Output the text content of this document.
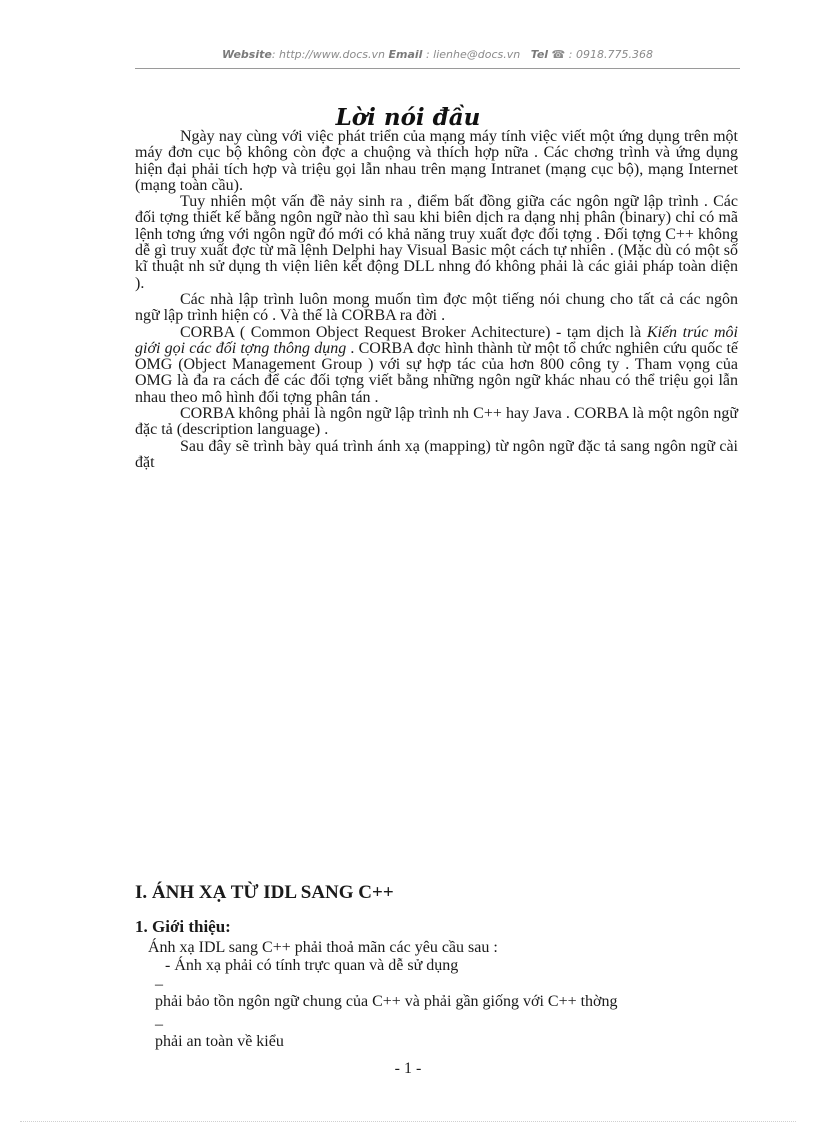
Website: http://www.docs.vn Email : lienhe@docs.vn Tel ☎ : 0918.775.368
Lời nói đầu

Ngày nay cùng với việc phát triển của mạng máy tính việc viết một ứng dụng trên một máy đơn cục bộ không còn đợc a chuộng và thích hợp nữa . Các chơng trình và ứng dụng hiện đại phải tích hợp và triệu gọi lẫn nhau trên mạng Intranet (mạng cục bộ), mạng Internet (mạng toàn cầu).

Tuy nhiên một vấn đề nảy sinh ra , điểm bất đồng giữa các ngôn ngữ lập trình . Các đối tợng thiết kế bằng ngôn ngữ nào thì sau khi biên dịch ra dạng nhị phân (binary) chỉ có mã lệnh tơng ứng với ngôn ngữ đó mới có khả năng truy xuất đợc đối tợng . Đối tợng C++ không dễ gì truy xuất đợc từ mã lệnh Delphi hay Visual Basic một cách tự nhiên . (Mặc dù có một số kĩ thuật nh sử dụng th viện liên kết động DLL nhng đó không phải là các giải pháp toàn diện ).

Các nhà lập trình luôn mong muốn tìm đợc một tiếng nói chung cho tất cả các ngôn ngữ lập trình hiện có . Và thế là CORBA ra đời .

CORBA ( Common Object Request Broker Achitecture) - tạm dịch là Kiến trúc môi giới gọi các đối tợng thông dụng . CORBA đợc hình thành từ một tổ chức nghiên cứu quốc tế OMG (Object Management Group ) với sự hợp tác của hơn 800 công ty . Tham vọng của OMG là đa ra cách để các đối tợng viết bằng những ngôn ngữ khác nhau có thể triệu gọi lẫn nhau theo mô hình đối tợng phân tán .

CORBA không phải là ngôn ngữ lập trình nh C++ hay Java . CORBA là một ngôn ngữ đặc tả (description language) .

Sau đây sẽ trình bày quá trình ánh xạ (mapping) từ ngôn ngữ đặc tả sang ngôn ngữ cài đặt

I. ÁNH XẠ TỪ IDL SANG C++
1. Giới thiệu:
Ánh xạ IDL sang C++ phải thoả mãn các yêu cầu sau :
- Ánh xạ phải có tính trực quan và dễ sử dụng
–phải bảo tồn ngôn ngữ chung của C++ và phải gần giống với C++ thờng
–phải an toàn về kiểu
- 1 -
